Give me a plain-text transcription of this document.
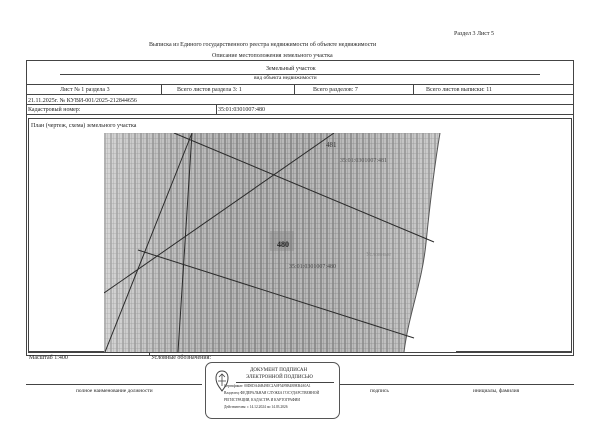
Раздел 3 Лист 5
Выписка из Единого государственного реестра недвижимости об объекте недвижимости
Описание местоположения земельного участка
Земельный участок
вид объекта недвижимости
Лист № 1 раздела 3	Всего листов раздела 3: 1	Всего разделов: 7	Всего листов выписки: 11
21.11.2025г. № КУВИ-001/2025-212844656
Кадастровый номер:	35:01:0301007:480
План (чертеж, схема) земельного участка
481
35:01:0301007:481
480
35:01:0301007:480
Условные
Масштаб 1:400	Условные обозначения:
полное наименование должности	подпись	инициалы, фамилия
ДОКУМЕНТ ПОДПИСАН
ЭЛЕКТРОННОЙ ПОДПИСЬЮ
Сертификат: 00D0DA46B49EC2A0F54F8B4B9EB4A0A1
Владелец: ФЕДЕРАЛЬНАЯ СЛУЖБА ГОСУДАРСТВЕННОЙ
РЕГИСТРАЦИИ, КАДАСТРА И КАРТОГРАФИИ
Действителен: с 14.12.2024 по 14.03.2026
